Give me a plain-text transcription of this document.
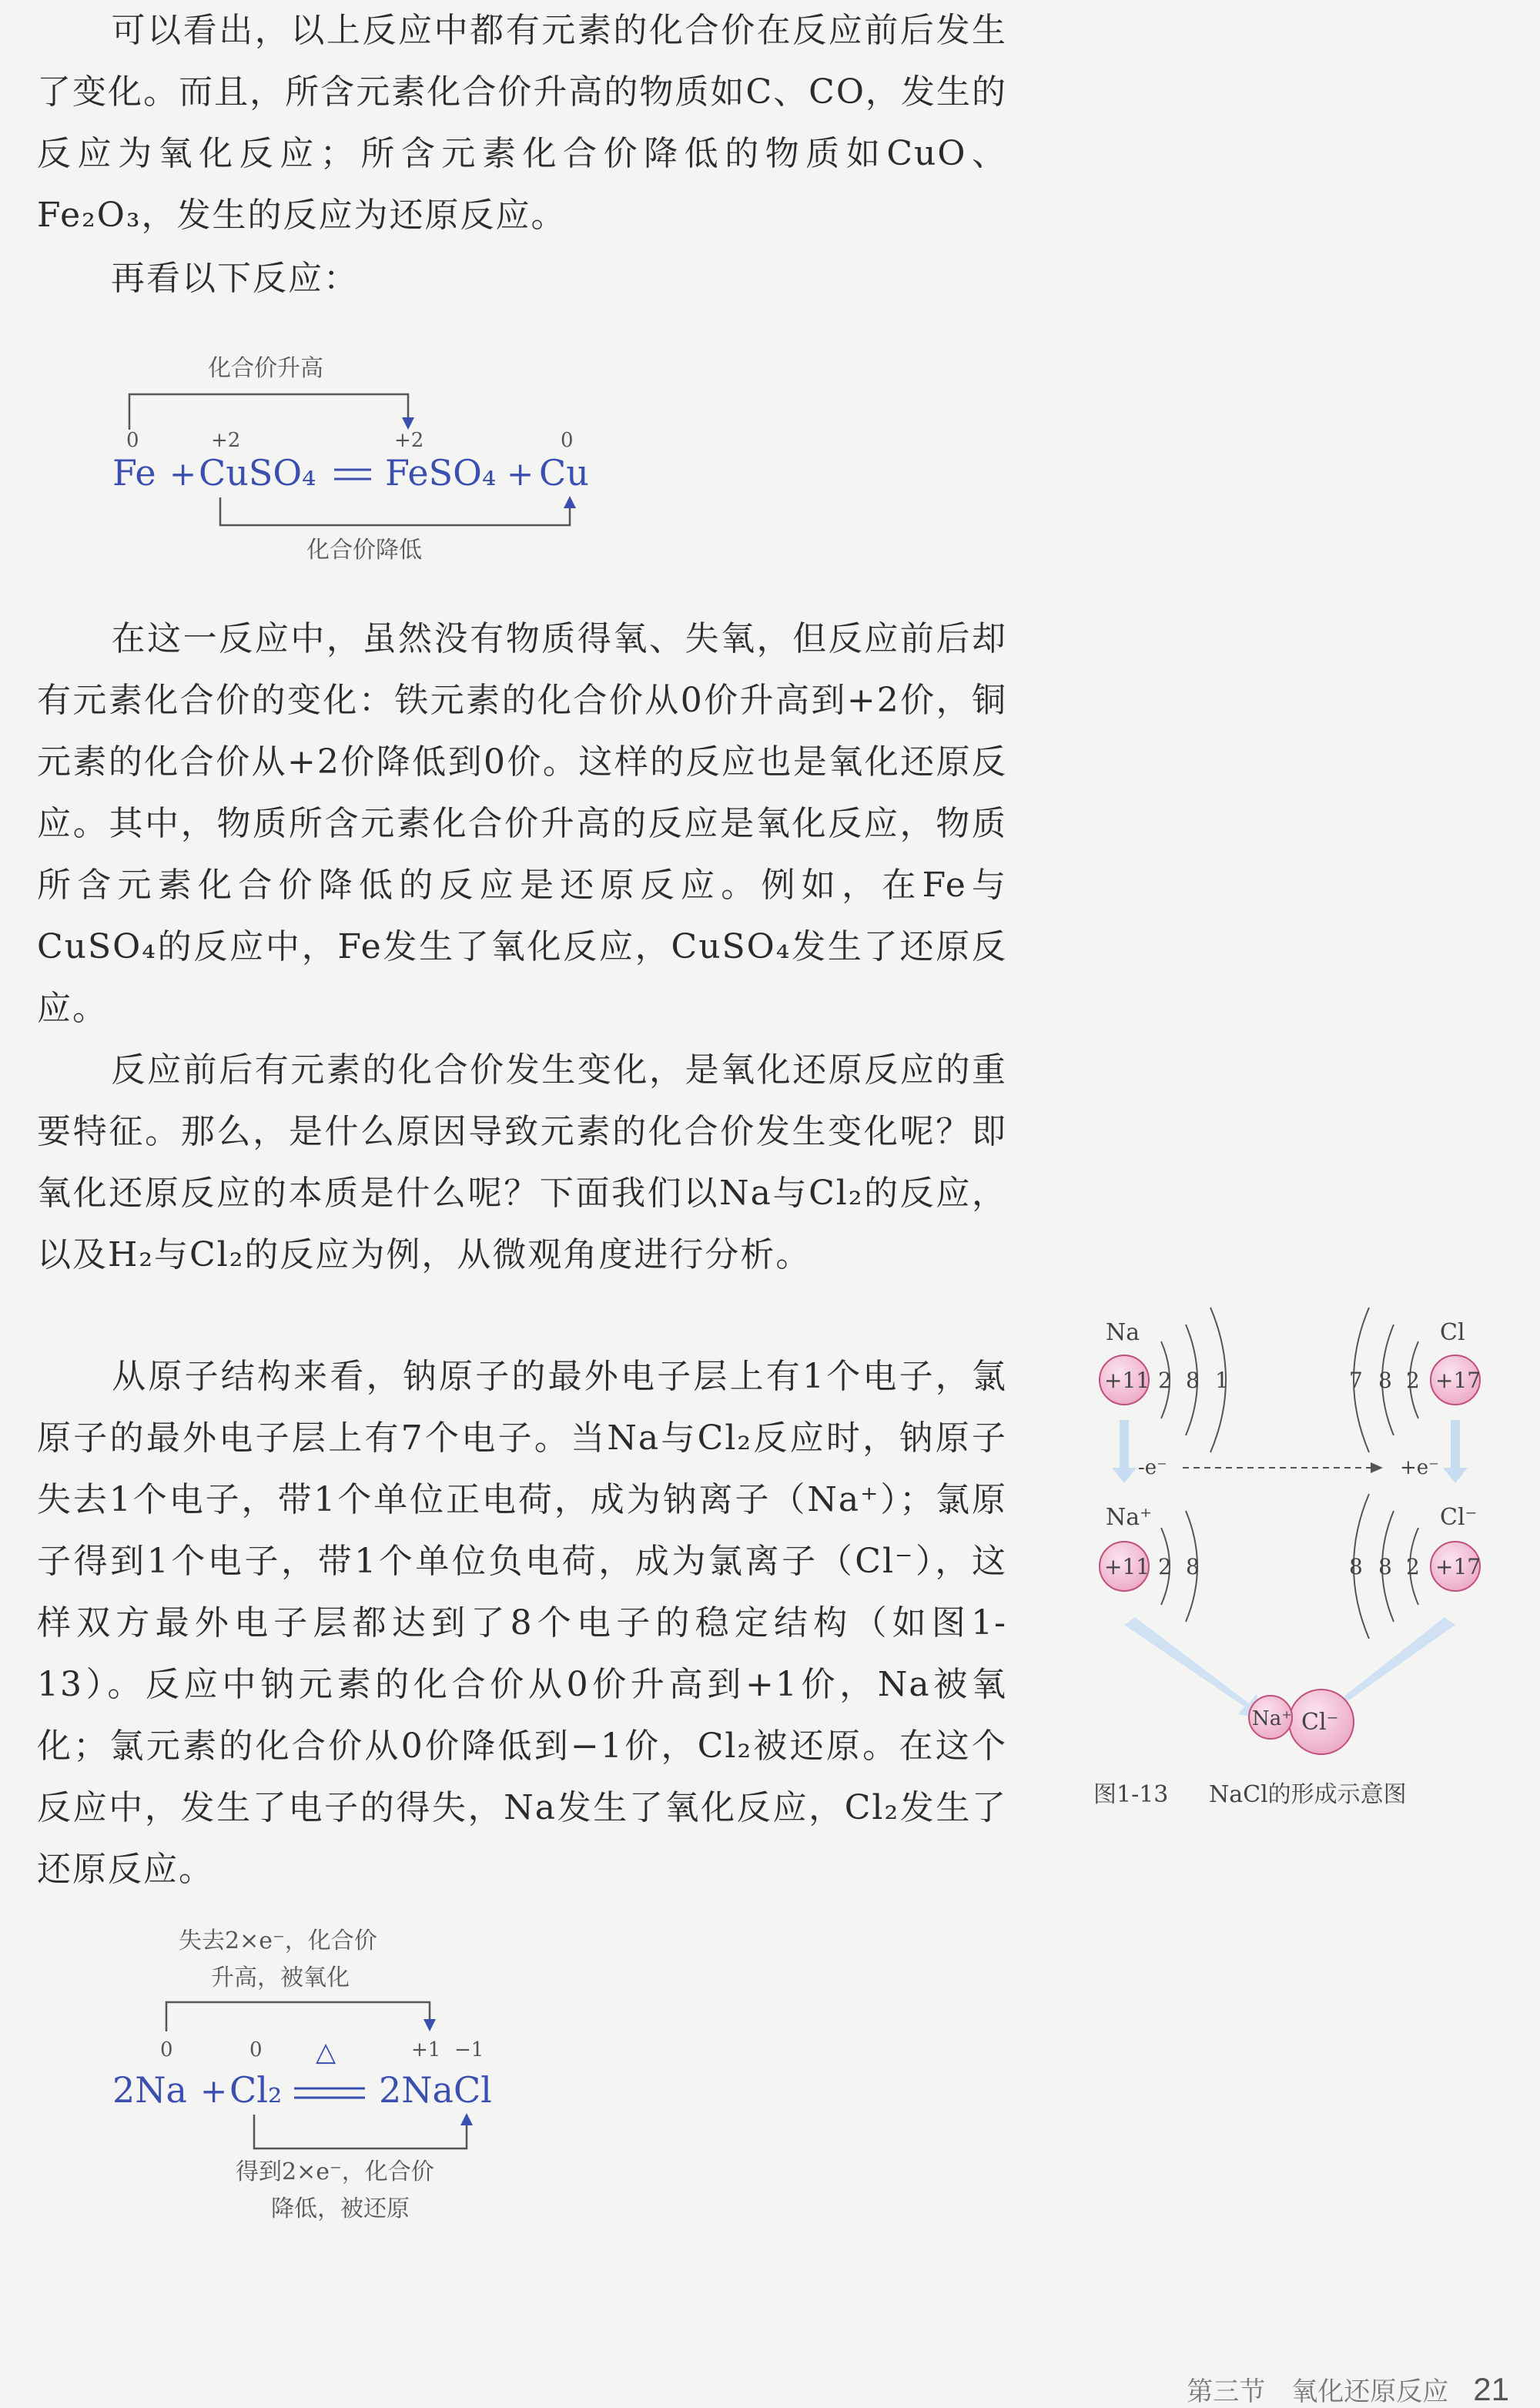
可以看出，以上反应中都有元素的化合价在反应前后发生了变化。而且，所含元素化合价升高的物质如C、CO，发生的反应为氧化反应；所含元素化合价降低的物质如CuO、Fe₂O₃，发生的反应为还原反应。
再看以下反应：
化合价升高
0	+2	+2	0
Fe + CuSO₄ FeSO₄ + Cu
化合价降低
在这一反应中，虽然没有物质得氧、失氧，但反应前后却有元素化合价的变化：铁元素的化合价从0价升高到+2价，铜元素的化合价从+2价降低到0价。这样的反应也是氧化还原反应。其中，物质所含元素化合价升高的反应是氧化反应，物质所含元素化合价降低的反应是还原反应。例如，在Fe与CuSO₄的反应中，Fe发生了氧化反应，CuSO₄发生了还原反应。
反应前后有元素的化合价发生变化，是氧化还原反应的重要特征。那么，是什么原因导致元素的化合价发生变化呢？即氧化还原反应的本质是什么呢？下面我们以Na与Cl₂的反应，以及H₂与Cl₂的反应为例，从微观角度进行分析。
从原子结构来看，钠原子的最外电子层上有1个电子，氯原子的最外电子层上有7个电子。当Na与Cl₂反应时，钠原子失去1个电子，带1个单位正电荷，成为钠离子（Na⁺）；氯原子得到1个电子，带1个单位负电荷，成为氯离子（Cl⁻），这样双方最外电子层都达到了8个电子的稳定结构（如图1-13）。反应中钠元素的化合价从0价升高到+1价，Na被氧化；氯元素的化合价从0价降低到−1价，Cl₂被还原。在这个反应中，发生了电子的得失，Na发生了氧化反应，Cl₂发生了还原反应。
失去2×e⁻，化合价
升高，被氧化
0	0	+1 −1
△
2Na + Cl₂	2NaCl
得到2×e⁻，化合价
降低，被还原
Na
+11 2 8 1
Cl
+17
7 8 2
-e⁻	+e⁻
Na⁺
+11 2 8
Cl⁻
+17
8 8 2
Na⁺ Cl⁻
图1-13 NaCl的形成示意图
第三节　氧化还原反应 21
